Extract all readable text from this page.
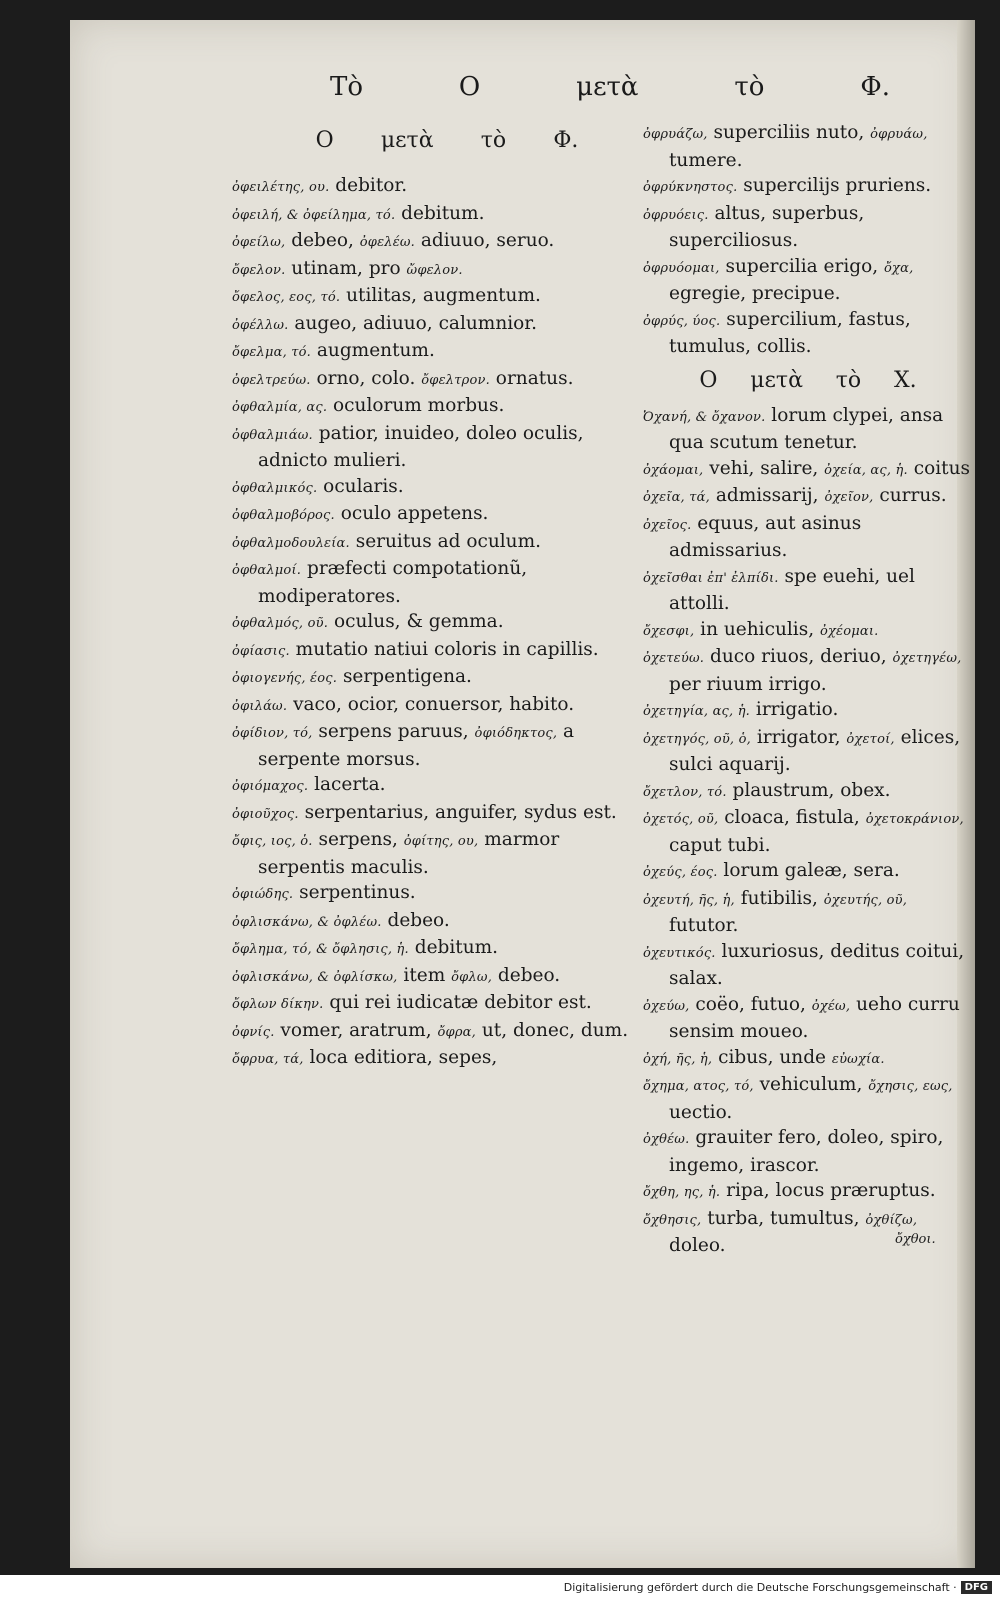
Τὸ	Ο	μετὰ	τὸ	Φ.
Ο μετὰ τὸ Φ.

ὀφειλέτης, ου. debitor.

ὀφειλή, & ὀφείλημα, τό. debitum.

ὀφείλω, debeo, ὀφελέω. adiuuo, seruo.

ὄφελον. utinam, pro ὤφελον.

ὄφελος, εος, τό. utilitas, augmentum.

ὀφέλλω. augeo, adiuuo, calumnior.

ὄφελμα, τό. augmentum.

ὀφελτρεύω. orno, colo. ὄφελτρον. ornatus.

ὀφθαλμία, ας. oculorum morbus.

ὀφθαλμιάω. patior, inuideo, doleo oculis, adnicto mulieri.

ὀφθαλμικός. ocularis.

ὀφθαλμοβόρος. oculo appetens.

ὀφθαλμοδουλεία. seruitus ad oculum.

ὀφθαλμοί. præfecti compotationũ, modiperatores.

ὀφθαλμός, οῦ. oculus, & gemma.

ὀφίασις. mutatio natiui coloris in capillis.

ὀφιογενής, έος. serpentigena.

ὀφιλάω. vaco, ocior, conuersor, habito.

ὀφίδιον, τό, serpens paruus, ὀφιόδηκτος, a serpente morsus.

ὀφιόμαχος. lacerta.

ὀφιοῦχος. serpentarius, anguifer, sydus est.

ὄφις, ιος, ὁ. serpens, ὀφίτης, ου, marmor serpentis maculis.

ὀφιώδης. serpentinus.

ὀφλισκάνω, & ὀφλέω. debeo.

ὄφλημα, τό, & ὄφλησις, ἡ. debitum.

ὀφλισκάνω, & ὀφλίσκω, item ὄφλω, debeo.

ὄφλων δίκην. qui rei iudicatæ debitor est.

ὀφνίς. vomer, aratrum, ὄφρα, ut, donec, dum.

ὄφρυα, τά, loca editiora, sepes,

ὀφρυάζω, superciliis nuto, ὀφρυάω, tumere.

ὀφρύκνηστος. supercilijs pruriens.

ὀφρυόεις. altus, superbus, superciliosus.

ὀφρυόομαι, supercilia erigo, ὄχα, egregie, precipue.

ὀφρύς, ύος. supercilium, fastus, tumulus, collis.

Ο μετὰ τὸ Χ.

Ὀχανή, & ὄχανον. lorum clypei, ansa qua scutum tenetur.

ὀχάομαι, vehi, salire, ὀχεία, ας, ἡ. coitus

ὀχεῖα, τά, admissarij, ὀχεῖον, currus.

ὀχεῖος. equus, aut asinus admissarius.

ὀχεῖσθαι ἐπ' ἐλπίδι. spe euehi, uel attolli.

ὄχεσφι, in uehiculis, ὀχέομαι.

ὀχετεύω. duco riuos, deriuo, ὀχετηγέω, per riuum irrigo.

ὀχετηγία, ας, ἡ. irrigatio.

ὀχετηγός, οῦ, ὁ, irrigator, ὀχετοί, elices, sulci aquarij.

ὄχετλον, τό. plaustrum, obex.

ὀχετός, οῦ, cloaca, fistula, ὀχετοκράνιον, caput tubi.

ὀχεύς, έος. lorum galeæ, sera.

ὀχευτή, ῆς, ἡ, futibilis, ὀχευτής, οῦ, fututor.

ὀχευτικός. luxuriosus, deditus coitui, salax.

ὀχεύω, coëo, futuo, ὀχέω, ueho curru sensim moueo.

ὀχή, ῆς, ἡ, cibus, unde εὐωχία.

ὄχημα, ατος, τό, vehiculum, ὄχησις, εως, uectio.

ὀχθέω. grauiter fero, doleo, spiro, ingemo, irascor.

ὄχθη, ης, ἡ. ripa, locus præruptus.

ὄχθησις, turba, tumultus, ὀχθίζω, doleo.	ὄχθοι.
Digitalisierung gefördert durch die Deutsche Forschungsgemeinschaft · DFG
